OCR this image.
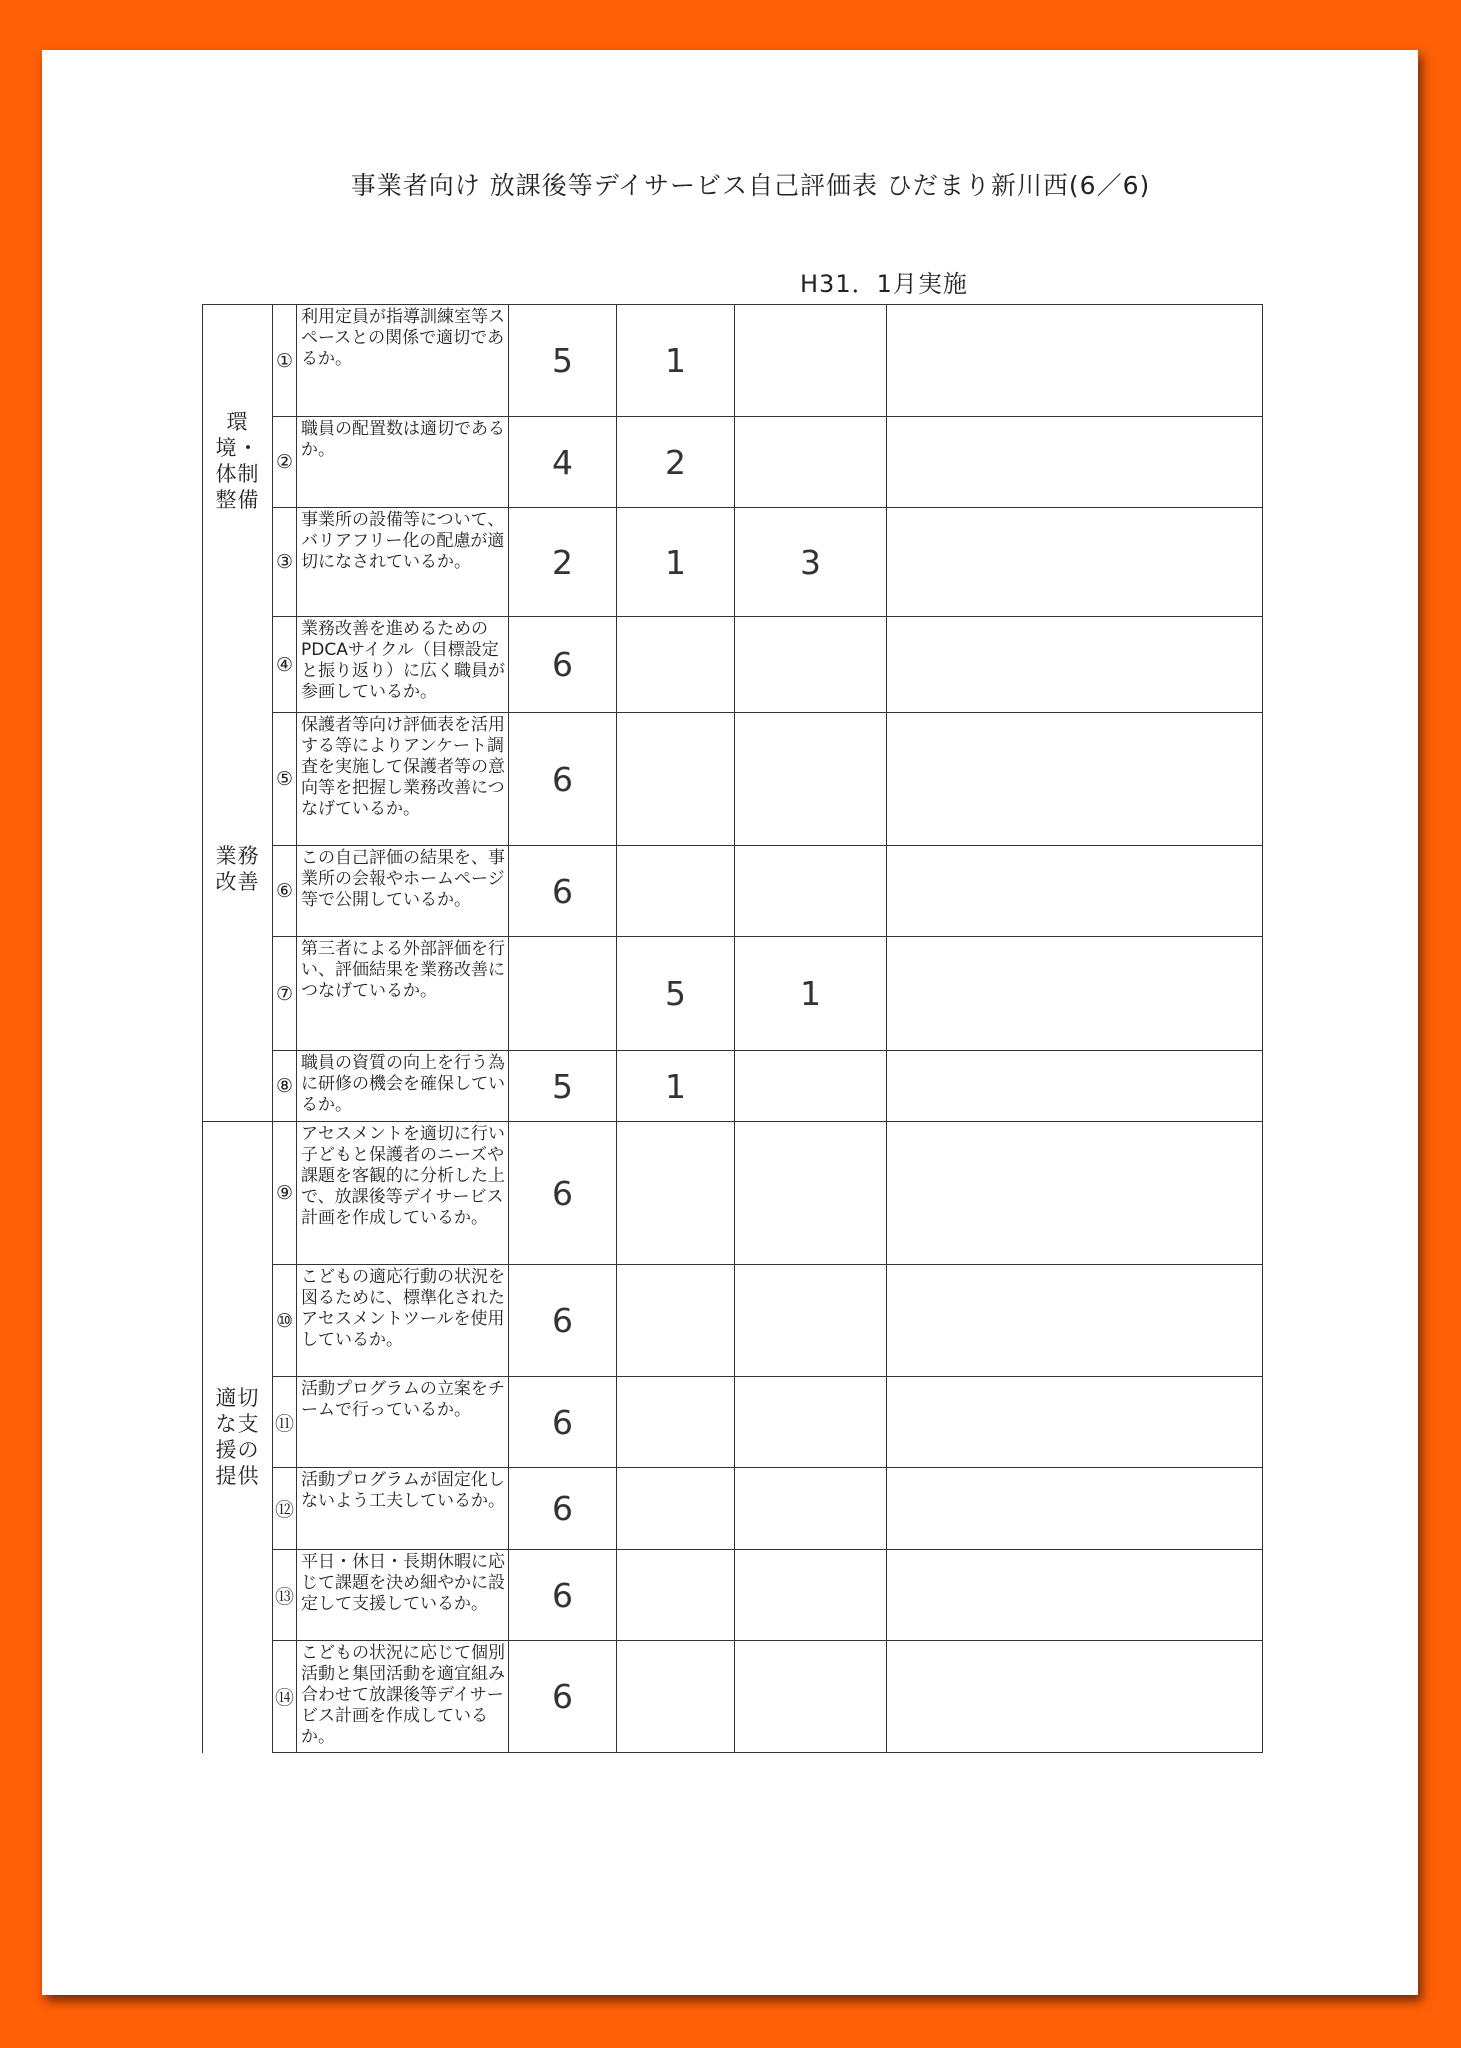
事業者向け 放課後等デイサービス自己評価表 ひだまり新川西(6／6)
H31．1月実施
環境・体制整備	①	利用定員が指導訓練室等スペースとの関係で適切であるか。	5	1		
	②	職員の配置数は適切であるか。	4	2		
	③	事業所の設備等について、バリアフリー化の配慮が適切になされているか。	2	1	3	
業務改善	④	業務改善を進めるためのPDCAサイクル（目標設定と振り返り）に広く職員が参画しているか。	6			
	⑤	保護者等向け評価表を活用する等によりアンケート調査を実施して保護者等の意向等を把握し業務改善につなげているか。	6			
	⑥	この自己評価の結果を、事業所の会報やホームページ等で公開しているか。	6			
	⑦	第三者による外部評価を行い、評価結果を業務改善につなげているか。		5	1	
	⑧	職員の資質の向上を行う為に研修の機会を確保しているか。	5	1		
適切な支援の提供	⑨	アセスメントを適切に行い子どもと保護者のニーズや課題を客観的に分析した上で、放課後等デイサービス計画を作成しているか。	6			
	⑩	こどもの適応行動の状況を図るために、標準化されたアセスメントツールを使用しているか。	6			
	⑪	活動プログラムの立案をチームで行っているか。	6			
	⑫	活動プログラムが固定化しないよう工夫しているか。	6			
	⑬	平日・休日・長期休暇に応じて課題を決め細やかに設定して支援しているか。	6			
	⑭	こどもの状況に応じて個別活動と集団活動を適宜組み合わせて放課後等デイサービス計画を作成しているか。	6			
